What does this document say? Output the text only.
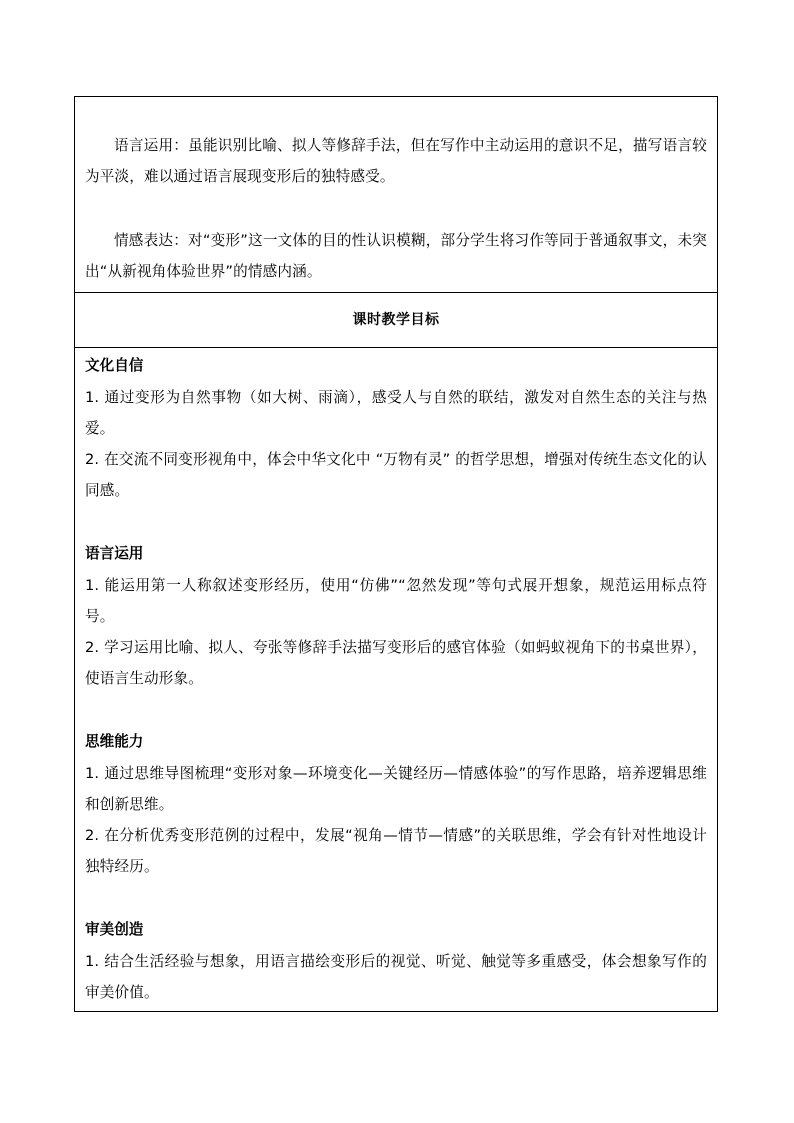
语言运用：虽能识别比喻、拟人等修辞手法，但在写作中主动运用的意识不足，描写语言较为平淡，难以通过语言展现变形后的独特感受。
情感表达：对“变形”这一文体的目的性认识模糊，部分学生将习作等同于普通叙事文，未突出“从新视角体验世界”的情感内涵。
课时教学目标
文化自信
1. 通过变形为自然事物（如大树、雨滴），感受人与自然的联结，激发对自然生态的关注与热爱。
2. 在交流不同变形视角中，体会中华文化中 “万物有灵” 的哲学思想，增强对传统生态文化的认同感。
语言运用
1. 能运用第一人称叙述变形经历，使用“仿佛”“忽然发现”等句式展开想象，规范运用标点符号。
2. 学习运用比喻、拟人、夸张等修辞手法描写变形后的感官体验（如蚂蚁视角下的书桌世界），使语言生动形象。
思维能力
1. 通过思维导图梳理“变形对象—环境变化—关键经历—情感体验”的写作思路，培养逻辑思维和创新思维。
2. 在分析优秀变形范例的过程中，发展“视角—情节—情感”的关联思维，学会有针对性地设计独特经历。
审美创造
1. 结合生活经验与想象，用语言描绘变形后的视觉、听觉、触觉等多重感受，体会想象写作的审美价值。
